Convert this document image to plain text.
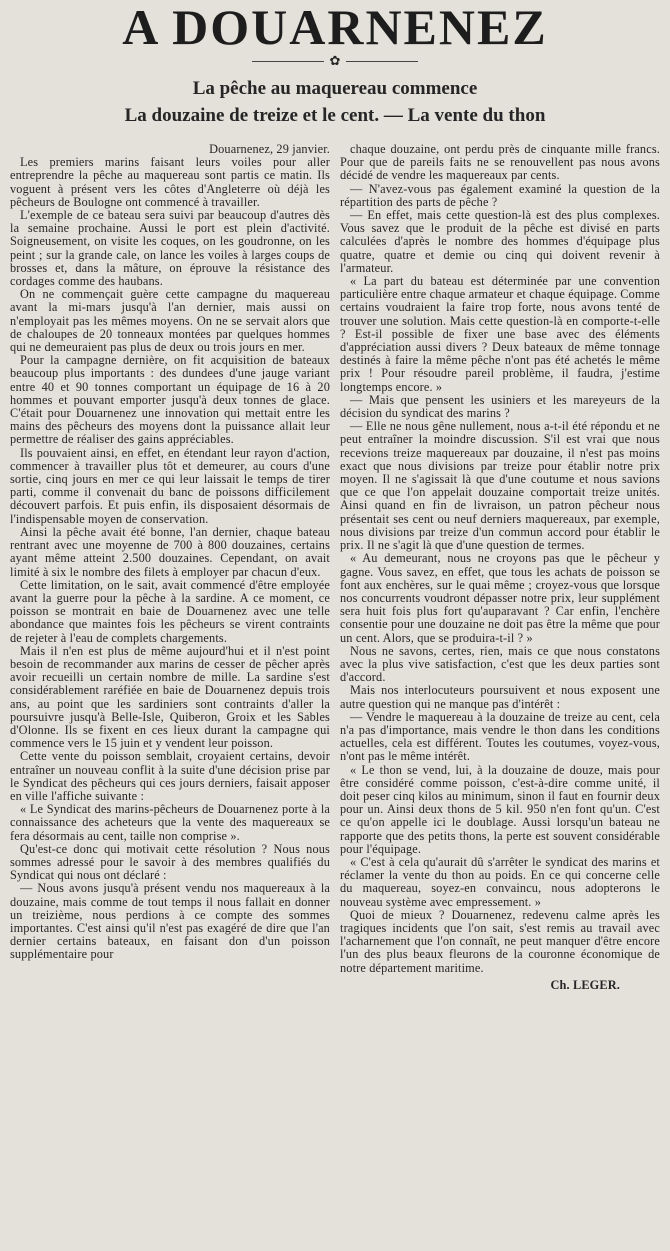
A DOUARNENEZ
✿

La pêche au maquereau commence

La douzaine de treize et le cent. — La vente du thon

Douarnenez, 29 janvier.

Les premiers marins faisant leurs voiles pour aller entreprendre la pêche au maquereau sont partis ce matin. Ils voguent à présent vers les côtes d'Angleterre où déjà les pêcheurs de Boulogne ont commencé à travailler.

L'exemple de ce bateau sera suivi par beaucoup d'autres dès la semaine prochaine. Aussi le port est plein d'activité. Soigneusement, on visite les coques, on les goudronne, on les peint ; sur la grande cale, on lance les voiles à larges coups de brosses et, dans la mâture, on éprouve la résistance des cordages comme des haubans.

On ne commençait guère cette campagne du maquereau avant la mi-mars jusqu'à l'an dernier, mais aussi on n'employait pas les mêmes moyens. On ne se servait alors que de chaloupes de 20 tonneaux montées par quelques hommes qui ne demeuraient pas plus de deux ou trois jours en mer.

Pour la campagne dernière, on fit acquisition de bateaux beaucoup plus importants : des dundees d'une jauge variant entre 40 et 90 tonnes comportant un équipage de 16 à 20 hommes et pouvant emporter jusqu'à deux tonnes de glace. C'était pour Douarnenez une innovation qui mettait entre les mains des pêcheurs des moyens dont la puissance allait leur permettre de réaliser des gains appréciables.

Ils pouvaient ainsi, en effet, en étendant leur rayon d'action, commencer à travailler plus tôt et demeurer, au cours d'une sortie, cinq jours en mer ce qui leur laissait le temps de tirer parti, comme il convenait du banc de poissons difficilement découvert parfois. Et puis enfin, ils disposaient désormais de l'indispensable moyen de conservation.

Ainsi la pêche avait été bonne, l'an dernier, chaque bateau rentrant avec une moyenne de 700 à 800 douzaines, certains ayant même atteint 2.500 douzaines. Cependant, on avait limité à six le nombre des filets à employer par chacun d'eux.

Cette limitation, on le sait, avait commencé d'être employée avant la guerre pour la pêche à la sardine. A ce moment, ce poisson se montrait en baie de Douarnenez avec une telle abondance que maintes fois les pêcheurs se virent contraints de rejeter à l'eau de complets chargements.

Mais il n'en est plus de même aujourd'hui et il n'est point besoin de recommander aux marins de cesser de pêcher après avoir recueilli un certain nombre de mille. La sardine s'est considérablement raréfiée en baie de Douarnenez depuis trois ans, au point que les sardiniers sont contraints d'aller la poursuivre jusqu'à Belle-Isle, Quiberon, Groix et les Sables d'Olonne. Ils se fixent en ces lieux durant la campagne qui commence vers le 15 juin et y vendent leur poisson.

Cette vente du poisson semblait, croyaient certains, devoir entraîner un nouveau conflit à la suite d'une décision prise par le Syndicat des pêcheurs qui ces jours derniers, faisait apposer en ville l'affiche suivante :

« Le Syndicat des marins-pêcheurs de Douarnenez porte à la connaissance des acheteurs que la vente des maquereaux se fera désormais au cent, taille non comprise ».

Qu'est-ce donc qui motivait cette résolution ? Nous nous sommes adressé pour le savoir à des membres qualifiés du Syndicat qui nous ont déclaré :

— Nous avons jusqu'à présent vendu nos maquereaux à la douzaine, mais comme de tout temps il nous fallait en donner un treizième, nous perdions à ce compte des sommes importantes. C'est ainsi qu'il n'est pas exagéré de dire que l'an dernier certains bateaux, en faisant don d'un poisson supplémentaire pour

chaque douzaine, ont perdu près de cinquante mille francs. Pour que de pareils faits ne se renouvellent pas nous avons décidé de vendre les maquereaux par cents.

— N'avez-vous pas également examiné la question de la répartition des parts de pêche ?

— En effet, mais cette question-là est des plus complexes. Vous savez que le produit de la pêche est divisé en parts calculées d'après le nombre des hommes d'équipage plus quatre, quatre et demie ou cinq qui doivent revenir à l'armateur.

« La part du bateau est déterminée par une convention particulière entre chaque armateur et chaque équipage. Comme certains voudraient la faire trop forte, nous avons tenté de trouver une solution. Mais cette question-là en comporte-t-elle ? Est-il possible de fixer une base avec des éléments d'appréciation aussi divers ? Deux bateaux de même tonnage destinés à faire la même pêche n'ont pas été achetés le même prix ! Pour résoudre pareil problème, il faudra, j'estime longtemps encore. »

— Mais que pensent les usiniers et les mareyeurs de la décision du syndicat des marins ?

— Elle ne nous gêne nullement, nous a-t-il été répondu et ne peut entraîner la moindre discussion. S'il est vrai que nous recevions treize maquereaux par douzaine, il n'est pas moins exact que nous divisions par treize pour établir notre prix moyen. Il ne s'agissait là que d'une coutume et nous savions que ce que l'on appelait douzaine comportait treize unités. Ainsi quand en fin de livraison, un patron pêcheur nous présentait ses cent ou neuf derniers maquereaux, par exemple, nous divisions par treize d'un commun accord pour établir le prix. Il ne s'agit là que d'une question de termes.

« Au demeurant, nous ne croyons pas que le pêcheur y gagne. Vous savez, en effet, que tous les achats de poisson se font aux enchères, sur le quai même ; croyez-vous que lorsque nos concurrents voudront dépasser notre prix, leur supplément sera huit fois plus fort qu'auparavant ? Car enfin, l'enchère consentie pour une douzaine ne doit pas être la même que pour un cent. Alors, que se produira-t-il ? »

Nous ne savons, certes, rien, mais ce que nous constatons avec la plus vive satisfaction, c'est que les deux parties sont d'accord.

Mais nos interlocuteurs poursuivent et nous exposent une autre question qui ne manque pas d'intérêt :

— Vendre le maquereau à la douzaine de treize au cent, cela n'a pas d'importance, mais vendre le thon dans les conditions actuelles, cela est différent. Toutes les coutumes, voyez-vous, n'ont pas le même intérêt.

« Le thon se vend, lui, à la douzaine de douze, mais pour être considéré comme poisson, c'est-à-dire comme unité, il doit peser cinq kilos au minimum, sinon il faut en fournir deux pour un. Ainsi deux thons de 5 kil. 950 n'en font qu'un. C'est ce qu'on appelle ici le doublage. Aussi lorsqu'un bateau ne rapporte que des petits thons, la perte est souvent considérable pour l'équipage.

« C'est à cela qu'aurait dû s'arrêter le syndicat des marins et réclamer la vente du thon au poids. En ce qui concerne celle du maquereau, soyez-en convaincu, nous adopterons le nouveau système avec empressement. »

Quoi de mieux ? Douarnenez, redevenu calme après les tragiques incidents que l'on sait, s'est remis au travail avec l'acharnement que l'on connaît, ne peut manquer d'être encore l'un des plus beaux fleurons de la couronne économique de notre département maritime.

Ch. LEGER.
